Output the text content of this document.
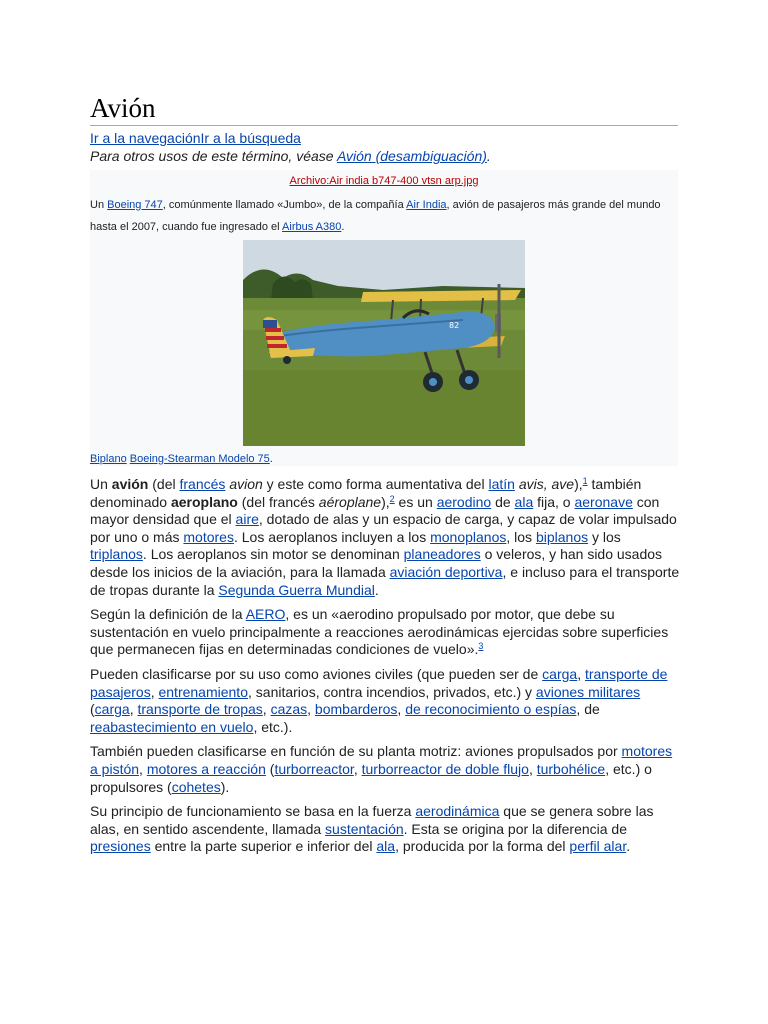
Avión
Ir a la navegaciónIr a la búsqueda
Para otros usos de este término, véase Avión (desambiguación).
Archivo:Air india b747-400 vtsn arp.jpg
Un Boeing 747, comúnmente llamado «Jumbo», de la compañía Air India, avión de pasajeros más grande del mundo hasta el 2007, cuando fue ingresado el Airbus A380.
82
Biplano Boeing-Stearman Modelo 75.

Un avión (del francés avion y este como forma aumentativa del latín avis, ave),$^1$ también denominado aeroplano (del francés aéroplane),$^2$ es un aerodino de ala fija, o aeronave con mayor densidad que el aire, dotado de alas y un espacio de carga, y capaz de volar impulsado por uno o más motores. Los aeroplanos incluyen a los monoplanos, los biplanos y los triplanos. Los aeroplanos sin motor se denominan planeadores o veleros, y han sido usados desde los inicios de la aviación, para la llamada aviación deportiva, e incluso para el transporte de tropas durante la Segunda Guerra Mundial.

Según la definición de la AERO, es un «aerodino propulsado por motor, que debe su sustentación en vuelo principalmente a reacciones aerodinámicas ejercidas sobre superficies que permanecen fijas en determinadas condiciones de vuelo».$^3$

Pueden clasificarse por su uso como aviones civiles (que pueden ser de carga, transporte de pasajeros, entrenamiento, sanitarios, contra incendios, privados, etc.) y aviones militares (carga, transporte de tropas, cazas, bombarderos, de reconocimiento o espías, de reabastecimiento en vuelo, etc.).

También pueden clasificarse en función de su planta motriz: aviones propulsados por motores a pistón, motores a reacción (turborreactor, turborreactor de doble flujo, turbohélice, etc.) o propulsores (cohetes).

Su principio de funcionamiento se basa en la fuerza aerodinámica que se genera sobre las alas, en sentido ascendente, llamada sustentación. Esta se origina por la diferencia de presiones entre la parte superior e inferior del ala, producida por la forma del perfil alar.
